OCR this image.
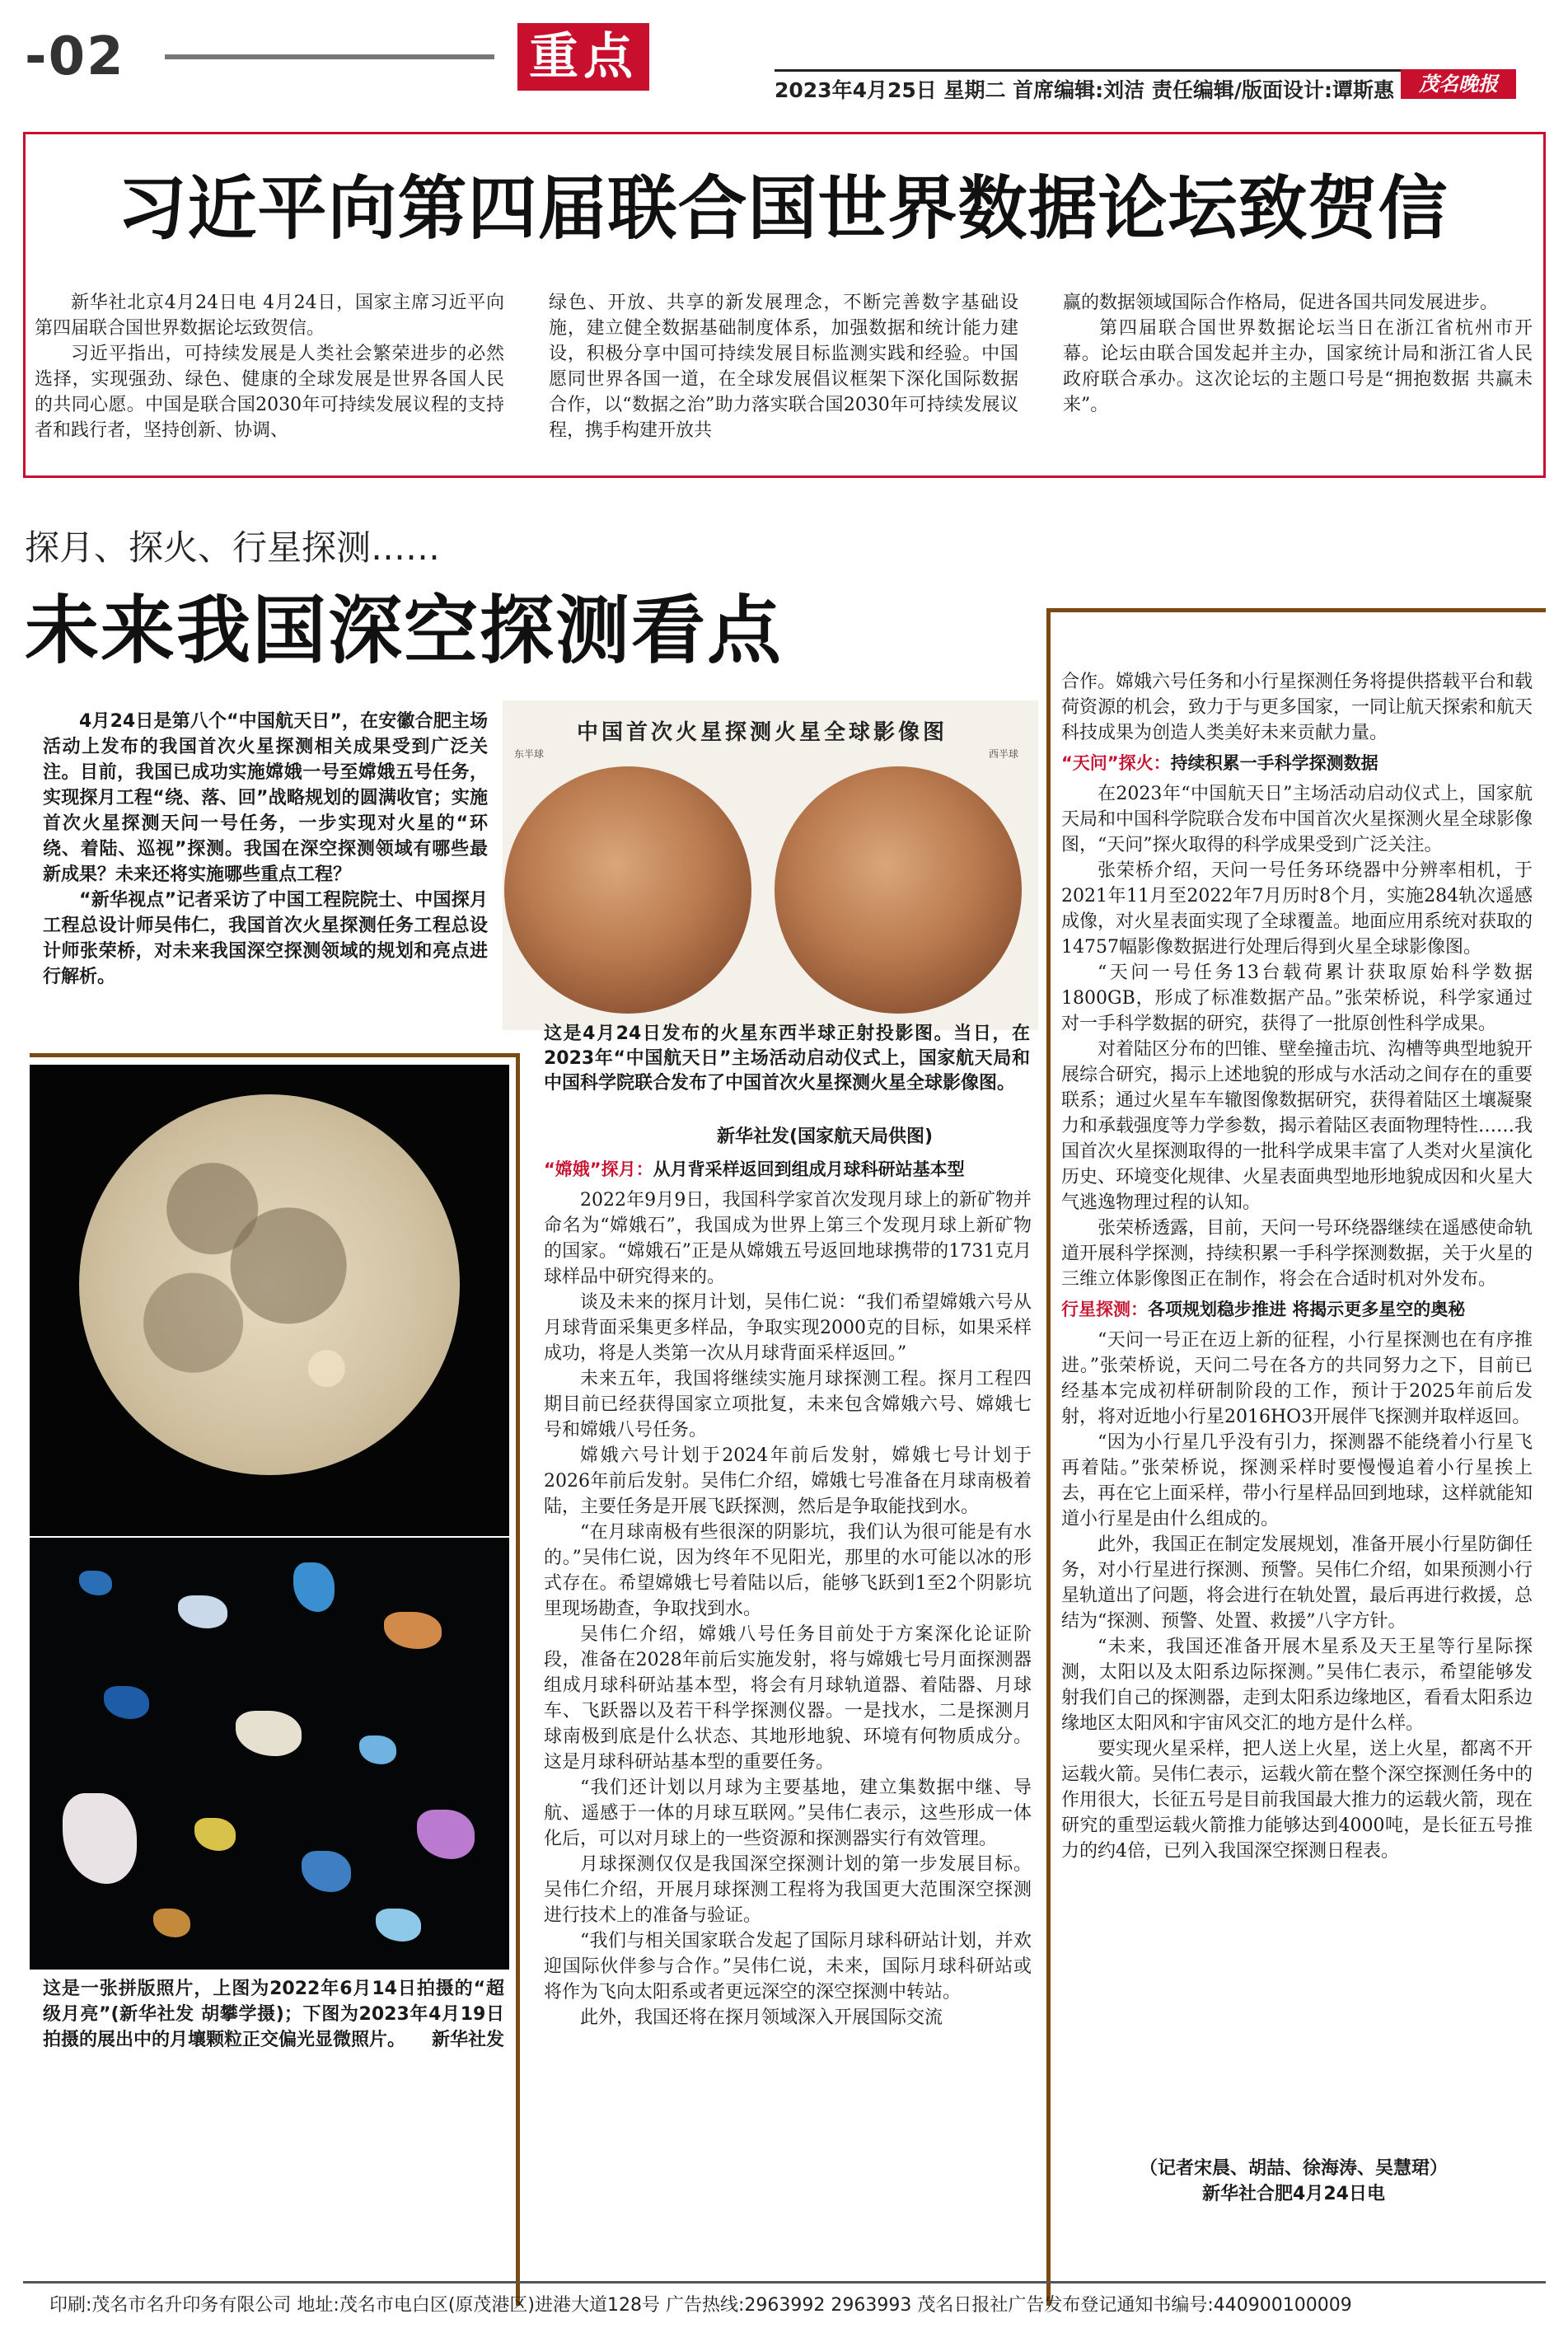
-02	重点
2023年4月25日 星期二 首席编辑:刘洁 责任编辑/版面设计:谭斯惠	茂名晚报
习近平向第四届联合国世界数据论坛致贺信

新华社北京4月24日电 4月24日，国家主席习近平向第四届联合国世界数据论坛致贺信。

习近平指出，可持续发展是人类社会繁荣进步的必然选择，实现强劲、绿色、健康的全球发展是世界各国人民的共同心愿。中国是联合国2030年可持续发展议程的支持者和践行者，坚持创新、协调、

绿色、开放、共享的新发展理念，不断完善数字基础设施，建立健全数据基础制度体系，加强数据和统计能力建设，积极分享中国可持续发展目标监测实践和经验。中国愿同世界各国一道，在全球发展倡议框架下深化国际数据合作，以“数据之治”助力落实联合国2030年可持续发展议程，携手构建开放共

赢的数据领域国际合作格局，促进各国共同发展进步。

第四届联合国世界数据论坛当日在浙江省杭州市开幕。论坛由联合国发起并主办，国家统计局和浙江省人民政府联合承办。这次论坛的主题口号是“拥抱数据 共赢未来”。

探月、探火、行星探测……
未来我国深空探测看点

4月24日是第八个“中国航天日”，在安徽合肥主场活动上发布的我国首次火星探测相关成果受到广泛关注。目前，我国已成功实施嫦娥一号至嫦娥五号任务，实现探月工程“绕、落、回”战略规划的圆满收官；实施首次火星探测天问一号任务，一步实现对火星的“环绕、着陆、巡视”探测。我国在深空探测领域有哪些最新成果？未来还将实施哪些重点工程？

“新华视点”记者采访了中国工程院院士、中国探月工程总设计师吴伟仁，我国首次火星探测任务工程总设计师张荣桥，对未来我国深空探测领域的规划和亮点进行解析。

中国首次火星探测火星全球影像图
东半球	西半球
这是4月24日发布的火星东西半球正射投影图。当日，在2023年“中国航天日”主场活动启动仪式上，国家航天局和中国科学院联合发布了中国首次火星探测火星全球影像图。
新华社发(国家航天局供图)
这是一张拼版照片，上图为2022年6月14日拍摄的“超级月亮”(新华社发 胡攀学摄)；下图为2023年4月19日拍摄的展出中的月壤颗粒正交偏光显微照片。 新华社发

“嫦娥”探月：从月背采样返回到组成月球科研站基本型

2022年9月9日，我国科学家首次发现月球上的新矿物并命名为“嫦娥石”，我国成为世界上第三个发现月球上新矿物的国家。“嫦娥石”正是从嫦娥五号返回地球携带的1731克月球样品中研究得来的。

谈及未来的探月计划，吴伟仁说：“我们希望嫦娥六号从月球背面采集更多样品，争取实现2000克的目标，如果采样成功，将是人类第一次从月球背面采样返回。”

未来五年，我国将继续实施月球探测工程。探月工程四期目前已经获得国家立项批复，未来包含嫦娥六号、嫦娥七号和嫦娥八号任务。

嫦娥六号计划于2024年前后发射，嫦娥七号计划于2026年前后发射。吴伟仁介绍，嫦娥七号准备在月球南极着陆，主要任务是开展飞跃探测，然后是争取能找到水。

“在月球南极有些很深的阴影坑，我们认为很可能是有水的。”吴伟仁说，因为终年不见阳光，那里的水可能以冰的形式存在。希望嫦娥七号着陆以后，能够飞跃到1至2个阴影坑里现场勘查，争取找到水。

吴伟仁介绍，嫦娥八号任务目前处于方案深化论证阶段，准备在2028年前后实施发射，将与嫦娥七号月面探测器组成月球科研站基本型，将会有月球轨道器、着陆器、月球车、飞跃器以及若干科学探测仪器。一是找水，二是探测月球南极到底是什么状态、其地形地貌、环境有何物质成分。这是月球科研站基本型的重要任务。

“我们还计划以月球为主要基地，建立集数据中继、导航、遥感于一体的月球互联网。”吴伟仁表示，这些形成一体化后，可以对月球上的一些资源和探测器实行有效管理。

月球探测仅仅是我国深空探测计划的第一步发展目标。吴伟仁介绍，开展月球探测工程将为我国更大范围深空探测进行技术上的准备与验证。

“我们与相关国家联合发起了国际月球科研站计划，并欢迎国际伙伴参与合作。”吴伟仁说，未来，国际月球科研站或将作为飞向太阳系或者更远深空的深空探测中转站。

此外，我国还将在探月领域深入开展国际交流

合作。嫦娥六号任务和小行星探测任务将提供搭载平台和载荷资源的机会，致力于与更多国家，一同让航天探索和航天科技成果为创造人类美好未来贡献力量。

“天问”探火：持续积累一手科学探测数据

在2023年“中国航天日”主场活动启动仪式上，国家航天局和中国科学院联合发布中国首次火星探测火星全球影像图，“天问”探火取得的科学成果受到广泛关注。

张荣桥介绍，天问一号任务环绕器中分辨率相机，于2021年11月至2022年7月历时8个月，实施284轨次遥感成像，对火星表面实现了全球覆盖。地面应用系统对获取的14757幅影像数据进行处理后得到火星全球影像图。

“天问一号任务13台载荷累计获取原始科学数据1800GB，形成了标准数据产品。”张荣桥说，科学家通过对一手科学数据的研究，获得了一批原创性科学成果。

对着陆区分布的凹锥、壁垒撞击坑、沟槽等典型地貌开展综合研究，揭示上述地貌的形成与水活动之间存在的重要联系；通过火星车车辙图像数据研究，获得着陆区土壤凝聚力和承载强度等力学参数，揭示着陆区表面物理特性……我国首次火星探测取得的一批科学成果丰富了人类对火星演化历史、环境变化规律、火星表面典型地形地貌成因和火星大气逃逸物理过程的认知。

张荣桥透露，目前，天问一号环绕器继续在遥感使命轨道开展科学探测，持续积累一手科学探测数据，关于火星的三维立体影像图正在制作，将会在合适时机对外发布。

行星探测：各项规划稳步推进 将揭示更多星空的奥秘

“天问一号正在迈上新的征程，小行星探测也在有序推进。”张荣桥说，天问二号在各方的共同努力之下，目前已经基本完成初样研制阶段的工作，预计于2025年前后发射，将对近地小行星2016HO3开展伴飞探测并取样返回。

“因为小行星几乎没有引力，探测器不能绕着小行星飞再着陆。”张荣桥说，探测采样时要慢慢追着小行星挨上去，再在它上面采样，带小行星样品回到地球，这样就能知道小行星是由什么组成的。

此外，我国正在制定发展规划，准备开展小行星防御任务，对小行星进行探测、预警。吴伟仁介绍，如果预测小行星轨道出了问题，将会进行在轨处置，最后再进行救援，总结为“探测、预警、处置、救援”八字方针。

“未来，我国还准备开展木星系及天王星等行星际探测，太阳以及太阳系边际探测。”吴伟仁表示，希望能够发射我们自己的探测器，走到太阳系边缘地区，看看太阳系边缘地区太阳风和宇宙风交汇的地方是什么样。

要实现火星采样，把人送上火星，送上火星，都离不开运载火箭。吴伟仁表示，运载火箭在整个深空探测任务中的作用很大，长征五号是目前我国最大推力的运载火箭，现在研究的重型运载火箭推力能够达到4000吨，是长征五号推力的约4倍，已列入我国深空探测日程表。

（记者宋晨、胡喆、徐海涛、吴慧珺）
新华社合肥4月24日电
印刷:茂名市名升印务有限公司 地址:茂名市电白区(原茂港区)进港大道128号 广告热线:2963992 2963993 茂名日报社广告发布登记通知书编号:440900100009
